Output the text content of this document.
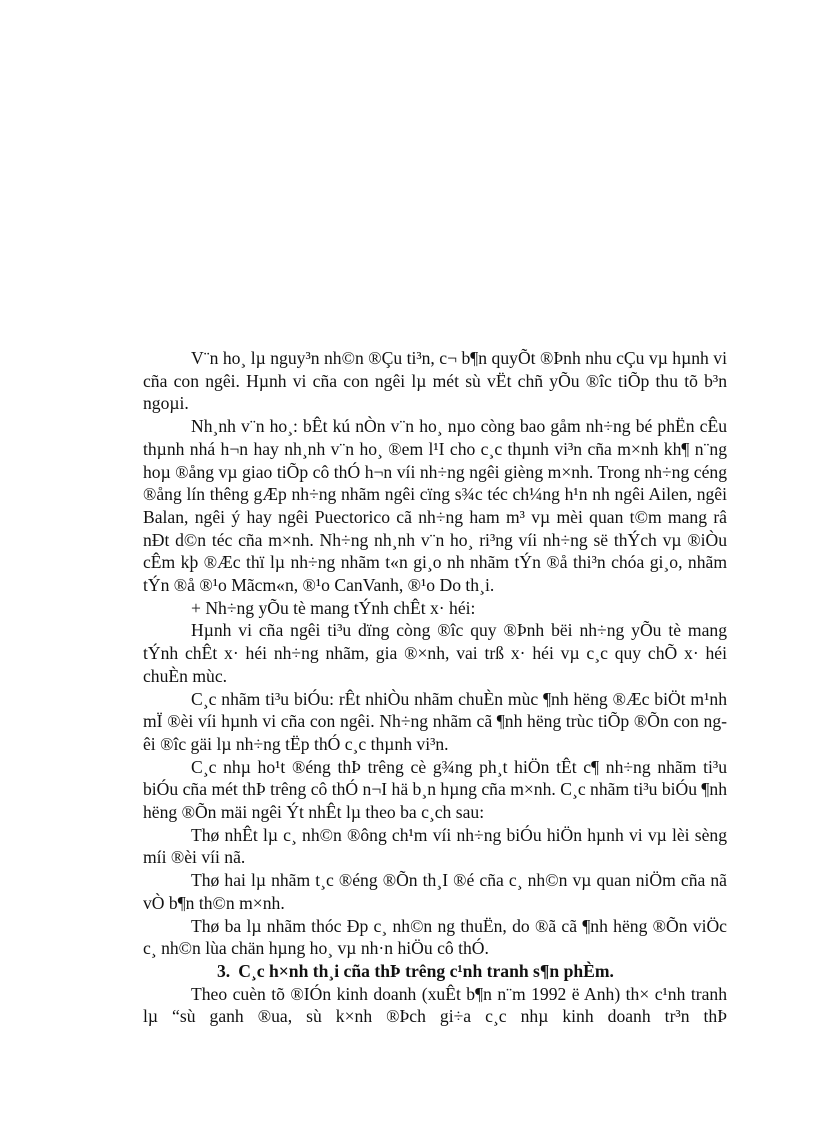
V¨n ho¸ lµ nguy³n nh©n ®Çu ti³n, c¬ b¶n quyÕt ®Þnh nhu cÇu vµ hµnh vi cña con ngêi. Hµnh vi cña con ngêi lµ mét sù vËt chñ yÕu ®îc tiÕp thu tõ b³n ngoµi.

Nh¸nh v¨n ho¸: bÊt kú nÒn v¨n ho¸ nµo còng bao gåm nh÷ng bé phËn cÊu thµnh nhá h¬n hay nh¸nh v¨n ho¸ ®em l¹I cho c¸c thµnh vi³n cña m×nh kh¶ n¨ng hoµ ®ång vµ giao tiÕp cô thÓ h¬n víi nh÷ng ngêi gièng m×nh. Trong nh÷ng céng ®ång lín thêng gÆp nh÷ng nhãm ngêi cïng s¾c téc ch¼ng h¹n nh ngêi Ailen, ngêi Balan, ngêi ý hay ngêi Puectorico cã nh÷ng ham m³ vµ mèi quan t©m mang râ nÐt d©n téc cña m×nh. Nh÷ng nh¸nh v¨n ho¸ ri³ng víi nh÷ng së thÝch vµ ®iÒu cÊm kþ ®Æc thï lµ nh÷ng nhãm t«n gi¸o nh nhãm tÝn ®å thi³n chóa gi¸o, nhãm tÝn ®å ®¹o Mãcm«n, ®¹o CanVanh, ®¹o Do th¸i.

+ Nh÷ng yÕu tè mang tÝnh chÊt x· héi:

Hµnh vi cña ngêi ti³u dïng còng ®îc quy ®Þnh bëi nh÷ng yÕu tè mang tÝnh chÊt x· héi nh÷ng nhãm, gia ®×nh, vai trß x· héi vµ c¸c quy chÕ x· héi chuÈn mùc.

C¸c nhãm ti³u biÓu: rÊt nhiÒu nhãm chuÈn mùc ¶nh hëng ®Æc biÖt m¹nh mÏ ®èi víi hµnh vi cña con ngêi. Nh÷ng nhãm cã ¶nh hëng trùc tiÕp ®Õn con ngêi ®îc gäi lµ nh÷ng tËp thÓ c¸c thµnh vi³n.

C¸c nhµ ho¹t ®éng thÞ trêng cè g¾ng ph¸t hiÖn tÊt c¶ nh÷ng nhãm ti³u biÓu cña mét thÞ trêng cô thÓ n¬I hä b¸n hµng cña m×nh. C¸c nhãm ti³u biÓu ¶nh hëng ®Õn mäi ngêi Ýt nhÊt lµ theo ba c¸ch sau:

Thø nhÊt lµ c¸ nh©n ®ông ch¹m víi nh÷ng biÓu hiÖn hµnh vi vµ lèi sèng míi ®èi víi nã.

Thø hai lµ nhãm t¸c ®éng ®Õn th¸I ®é cña c¸ nh©n vµ quan niÖm cña nã vÒ b¶n th©n m×nh.

Thø ba lµ nhãm thóc Ðp c¸ nh©n ng thuËn, do ®ã cã ¶nh hëng ®Õn viÖc c¸ nh©n lùa chän hµng ho¸ vµ nh·n hiÖu cô thÓ.

3. C¸c h×nh th¸i cña thÞ trêng c¹nh tranh s¶n phÈm.

Theo cuèn tõ ®IÓn kinh doanh (xuÊt b¶n n¨m 1992 ë Anh) th× c¹nh tranh lµ “sù ganh ®ua, sù k×nh ®Þch gi÷a c¸c nhµ kinh doanh tr³n thÞ
